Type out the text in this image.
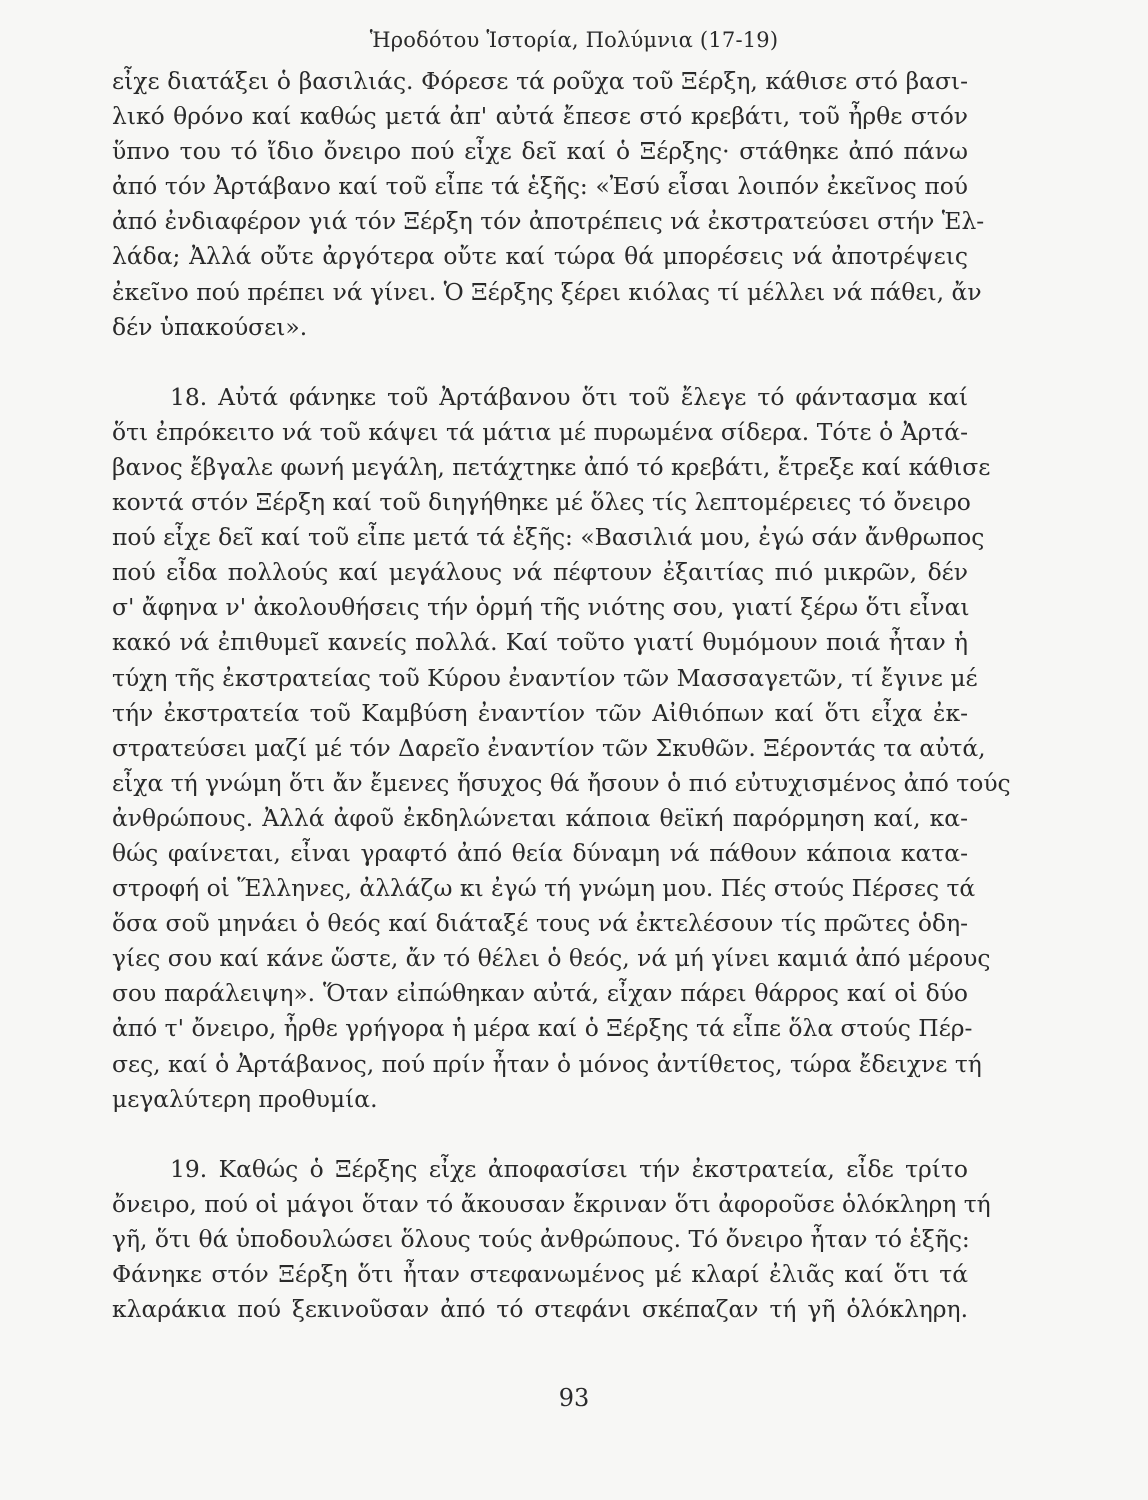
Ἡροδότου Ἱστορία, Πολύμνια (17-19)
εἶχε διατάξει ὁ βασιλιάς. Φόρεσε τά ροῦχα τοῦ Ξέρξη, κάθισε στό βασι-
λικό θρόνο καί καθώς μετά ἀπ' αὐτά ἔπεσε στό κρεβάτι, τοῦ ἦρθε στόν
ὕπνο του τό ἴδιο ὄνειρο πού εἶχε δεῖ καί ὁ Ξέρξης· στάθηκε ἀπό πάνω
ἀπό τόν Ἀρτάβανο καί τοῦ εἶπε τά ἑξῆς: «Ἐσύ εἶσαι λοιπόν ἐκεῖνος πού
ἀπό ἐνδιαφέρον γιά τόν Ξέρξη τόν ἀποτρέπεις νά ἐκστρατεύσει στήν Ἑλ-
λάδα; Ἀλλά οὔτε ἀργότερα οὔτε καί τώρα θά μπορέσεις νά ἀποτρέψεις
ἐκεῖνο πού πρέπει νά γίνει. Ὁ Ξέρξης ξέρει κιόλας τί μέλλει νά πάθει, ἄν
δέν ὑπακούσει».
18. Αὐτά φάνηκε τοῦ Ἀρτάβανου ὅτι τοῦ ἔλεγε τό φάντασμα καί
ὅτι ἐπρόκειτο νά τοῦ κάψει τά μάτια μέ πυρωμένα σίδερα. Τότε ὁ Ἀρτά-
βανος ἔβγαλε φωνή μεγάλη, πετάχτηκε ἀπό τό κρεβάτι, ἔτρεξε καί κάθισε
κοντά στόν Ξέρξη καί τοῦ διηγήθηκε μέ ὅλες τίς λεπτομέρειες τό ὄνειρο
πού εἶχε δεῖ καί τοῦ εἶπε μετά τά ἑξῆς: «Βασιλιά μου, ἐγώ σάν ἄνθρωπος
πού εἶδα πολλούς καί μεγάλους νά πέφτουν ἐξαιτίας πιό μικρῶν, δέν
σ' ἄφηνα ν' ἀκολουθήσεις τήν ὁρμή τῆς νιότης σου, γιατί ξέρω ὅτι εἶναι
κακό νά ἐπιθυμεῖ κανείς πολλά. Καί τοῦτο γιατί θυμόμουν ποιά ἦταν ἡ
τύχη τῆς ἐκστρατείας τοῦ Κύρου ἐναντίον τῶν Μασσαγετῶν, τί ἔγινε μέ
τήν ἐκστρατεία τοῦ Καμβύση ἐναντίον τῶν Αἰθιόπων καί ὅτι εἶχα ἐκ-
στρατεύσει μαζί μέ τόν Δαρεῖο ἐναντίον τῶν Σκυθῶν. Ξέροντάς τα αὐτά,
εἶχα τή γνώμη ὅτι ἄν ἔμενες ἥσυχος θά ἤσουν ὁ πιό εὐτυχισμένος ἀπό τούς
ἀνθρώπους. Ἀλλά ἀφοῦ ἐκδηλώνεται κάποια θεϊκή παρόρμηση καί, κα-
θώς φαίνεται, εἶναι γραφτό ἀπό θεία δύναμη νά πάθουν κάποια κατα-
στροφή οἱ Ἕλληνες, ἀλλάζω κι ἐγώ τή γνώμη μου. Πές στούς Πέρσες τά
ὅσα σοῦ μηνάει ὁ θεός καί διάταξέ τους νά ἐκτελέσουν τίς πρῶτες ὁδη-
γίες σου καί κάνε ὥστε, ἄν τό θέλει ὁ θεός, νά μή γίνει καμιά ἀπό μέρους
σου παράλειψη». Ὅταν εἰπώθηκαν αὐτά, εἶχαν πάρει θάρρος καί οἱ δύο
ἀπό τ' ὄνειρο, ἦρθε γρήγορα ἡ μέρα καί ὁ Ξέρξης τά εἶπε ὅλα στούς Πέρ-
σες, καί ὁ Ἀρτάβανος, πού πρίν ἦταν ὁ μόνος ἀντίθετος, τώρα ἔδειχνε τή
μεγαλύτερη προθυμία.
19. Καθώς ὁ Ξέρξης εἶχε ἀποφασίσει τήν ἐκστρατεία, εἶδε τρίτο
ὄνειρο, πού οἱ μάγοι ὅταν τό ἄκουσαν ἔκριναν ὅτι ἀφοροῦσε ὁλόκληρη τή
γῆ, ὅτι θά ὑποδουλώσει ὅλους τούς ἀνθρώπους. Τό ὄνειρο ἦταν τό ἑξῆς:
Φάνηκε στόν Ξέρξη ὅτι ἦταν στεφανωμένος μέ κλαρί ἐλιᾶς καί ὅτι τά
κλαράκια πού ξεκινοῦσαν ἀπό τό στεφάνι σκέπαζαν τή γῆ ὁλόκληρη.
93
